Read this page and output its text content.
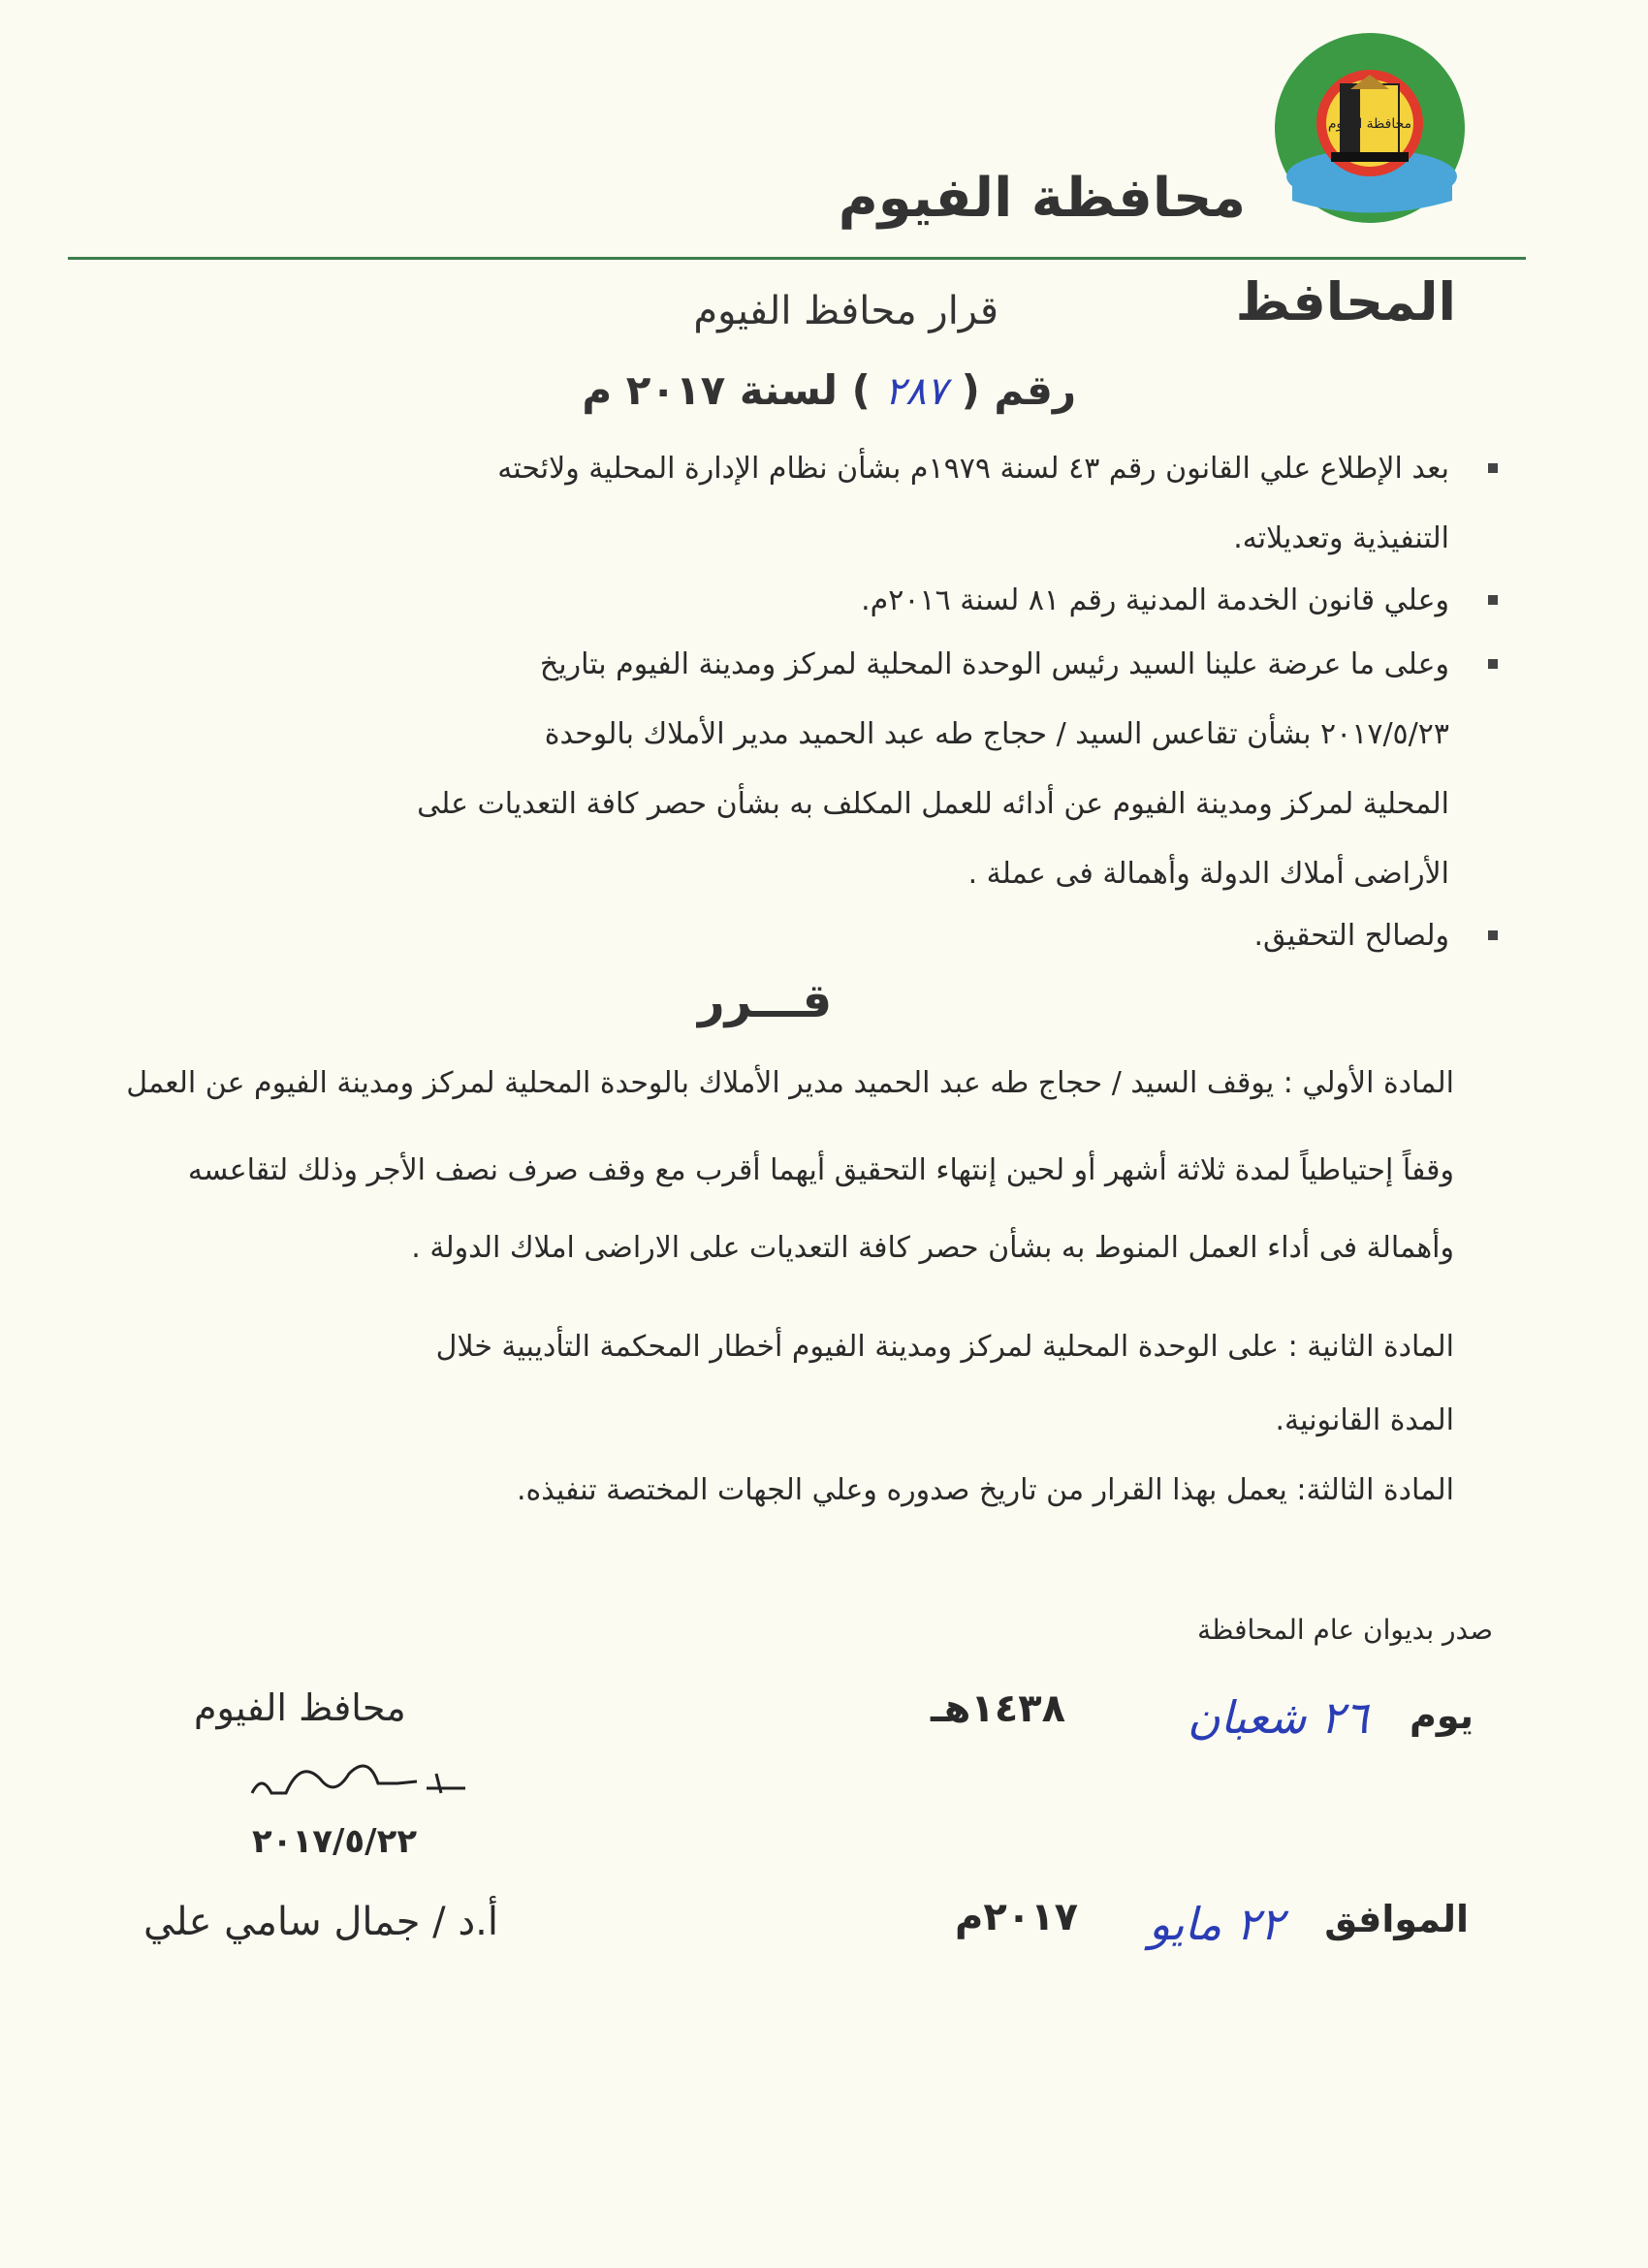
محافظة الفيوم
محافظة الفيوم
المحافظ
قرار محافظ الفيوم
رقم ( ٢٨٧ ) لسنة ٢٠١٧ م
بعد الإطلاع علي القانون رقم ٤٣ لسنة ١٩٧٩م بشأن نظام الإدارة المحلية ولائحته
التنفيذية وتعديلاته.
وعلي قانون الخدمة المدنية رقم ٨١ لسنة ٢٠١٦م.
وعلى ما عرضة علينا السيد رئيس الوحدة المحلية لمركز ومدينة الفيوم بتاريخ
٢٠١٧/٥/٢٣ بشأن تقاعس السيد / حجاج طه عبد الحميد مدير الأملاك بالوحدة
المحلية لمركز ومدينة الفيوم عن أدائه للعمل المكلف به بشأن حصر كافة التعديات على
الأراضى أملاك الدولة وأهمالة فى عملة .
ولصالح التحقيق.
قـــرر
المادة الأولي : يوقف السيد / حجاج طه عبد الحميد مدير الأملاك بالوحدة المحلية لمركز ومدينة الفيوم عن العمل
وقفاً إحتياطياً لمدة ثلاثة أشهر أو لحين إنتهاء التحقيق أيهما أقرب مع وقف صرف نصف الأجر وذلك لتقاعسه
وأهمالة فى أداء العمل المنوط به بشأن حصر كافة التعديات على الاراضى املاك الدولة .
المادة الثانية : على الوحدة المحلية لمركز ومدينة الفيوم أخطار المحكمة التأديبية خلال
المدة القانونية.
المادة الثالثة: يعمل بهذا القرار من تاريخ صدوره وعلي الجهات المختصة تنفيذه.
صدر بديوان عام المحافظة
يوم
٢٦ شعبان
١٤٣٨هـ
محافظ الفيوم
٢٠١٧/٥/٢٢
الموافق
٢٢ مايو
٢٠١٧م
أ.د / جمال سامي علي
